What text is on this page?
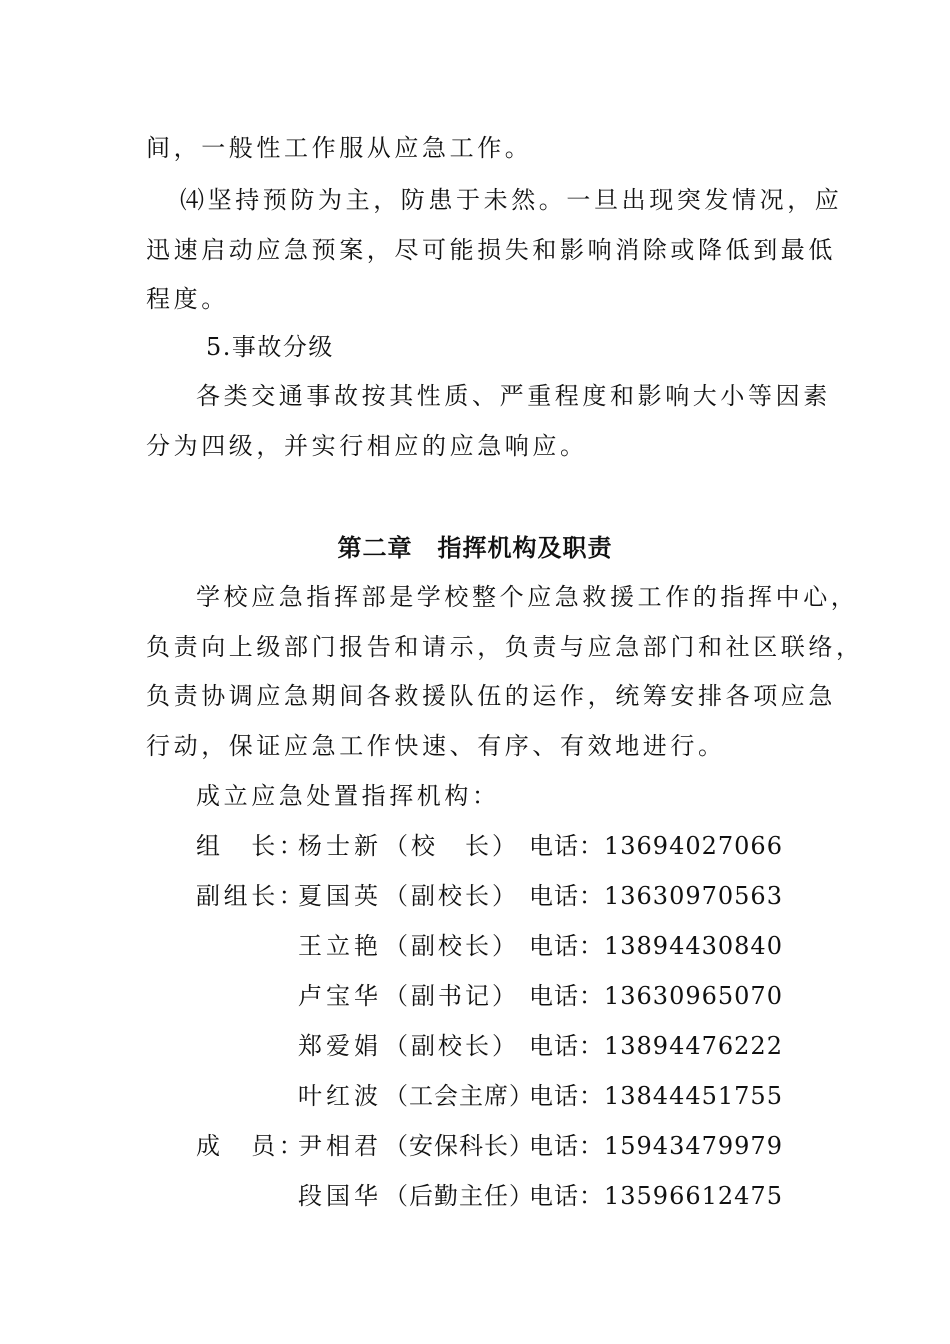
间，一般性工作服从应急工作。
⑷坚持预防为主，防患于未然。一旦出现突发情况，应
迅速启动应急预案，尽可能损失和影响消除或降低到最低
程度。
5.事故分级
各类交通事故按其性质、严重程度和影响大小等因素
分为四级，并实行相应的应急响应。
第二章　指挥机构及职责
学校应急指挥部是学校整个应急救援工作的指挥中心，
负责向上级部门报告和请示，负责与应急部门和社区联络，
负责协调应急期间各救援队伍的运作，统筹安排各项应急
行动，保证应急工作快速、有序、有效地进行。
成立应急处置指挥机构：
组　长：
杨士新 （校　长） 电话：13694027066
副组长：
夏国英 （副校长） 电话：13630970563
王立艳 （副校长） 电话：13894430840
卢宝华 （副书记） 电话：13630965070
郑爱娟 （副校长） 电话：13894476222
叶红波 （工会主席）
电话：13844451755
成　员：
尹相君 （安保科长）
电话：15943479979
段国华 （后勤主任）
电话：13596612475
